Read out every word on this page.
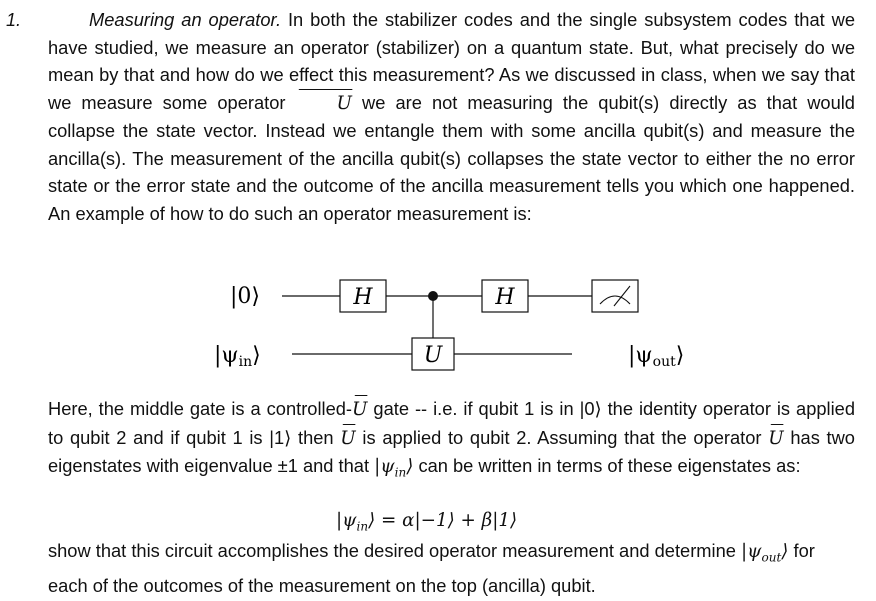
1.	Measuring an operator. In both the stabilizer codes and the single subsystem codes that we have studied, we measure an operator (stabilizer) on a quantum state. But, what precisely do we mean by that and how do we effect this measurement? As we discussed in class, when we say that we measure some operator	U we are not measuring the qubit(s) directly as that would collapse the state vector. Instead we entangle them with some ancilla qubit(s) and measure the ancilla(s). The measurement of the ancilla qubit(s) collapses the state vector to either the no error state or the error state and the outcome of the ancilla measurement tells you which one happened. An example of how to do such an operator measurement is:

|0⟩
|ψin⟩
H
U
H
|ψout⟩

Here, the middle gate is a controlled-U gate -- i.e. if qubit 1 is in |0⟩ the identity operator is applied to qubit 2 and if qubit 1 is |1⟩ then U is applied to qubit 2. Assuming that the operator U has two eigenstates with eigenvalue ±1 and that $|\psi_{in}⟩$ can be written in terms of these eigenstates as:

$|\psi_{in}⟩$ = α|−1⟩ + β|1⟩

show that this circuit accomplishes the desired operator measurement and determine $|\psi_{out}⟩$ for each of the outcomes of the measurement on the top (ancilla) qubit.
